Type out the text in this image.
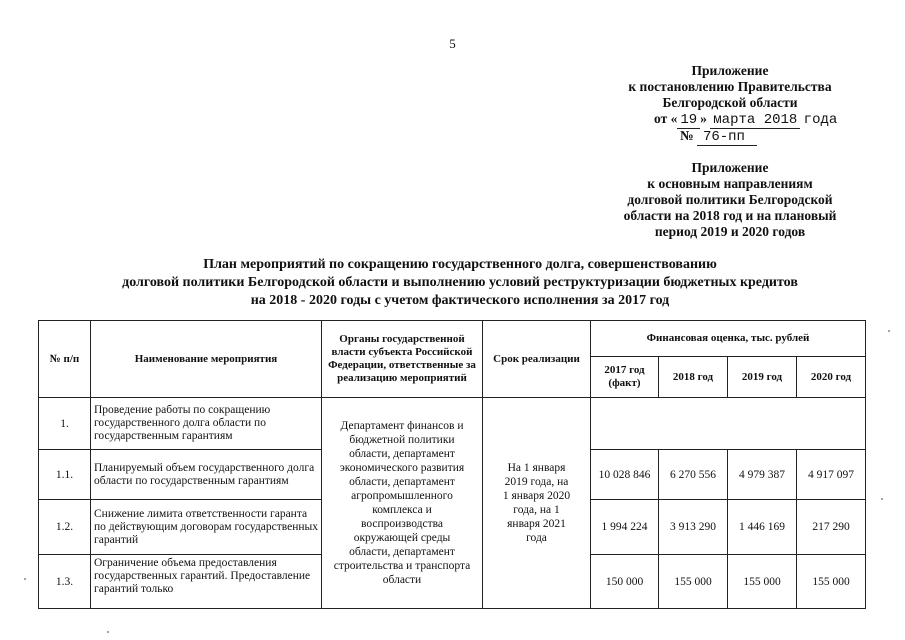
5
Приложение
к постановлению Правительства
Белгородской области
от « 19 » марта 2018 года
№ 76-пп
Приложение
к основным направлениям
долговой политики Белгородской
области на 2018 год и на плановый
период 2019 и 2020 годов
План мероприятий по сокращению государственного долга, совершенствованию
долговой политики Белгородской области и выполнению условий реструктуризации бюджетных кредитов
на 2018 - 2020 годы с учетом фактического исполнения за 2017 год
№ п/п	Наименование мероприятия	Органы государственной власти субъекта Российской Федерации, ответственные за реализацию мероприятий	Срок реализации	Финансовая оценка, тыс. рублей			
				2017 год (факт)	2018 год	2019 год	2020 год
1.	Проведение работы по сокращению государственного долга области по государственным гарантиям	Департамент финансов и бюджетной политики области, департамент экономического развития области, департамент агропромышленного комплекса и воспроизводства окружающей среды области, департамент строительства и транспорта области	На 1 января 2019 года, на 1 января 2020 года, на 1 января 2021 года				
1.1.	Планируемый объем государственного долга области по государственным гарантиям			10 028 846	6 270 556	4 979 387	4 917 097
1.2.	Снижение лимита ответственности гаранта по действующим договорам государственных гарантий			1 994 224	3 913 290	1 446 169	217 290
1.3.	Ограничение объема предоставления государственных гарантий. Предоставление гарантий только			150 000	155 000	155 000	155 000
